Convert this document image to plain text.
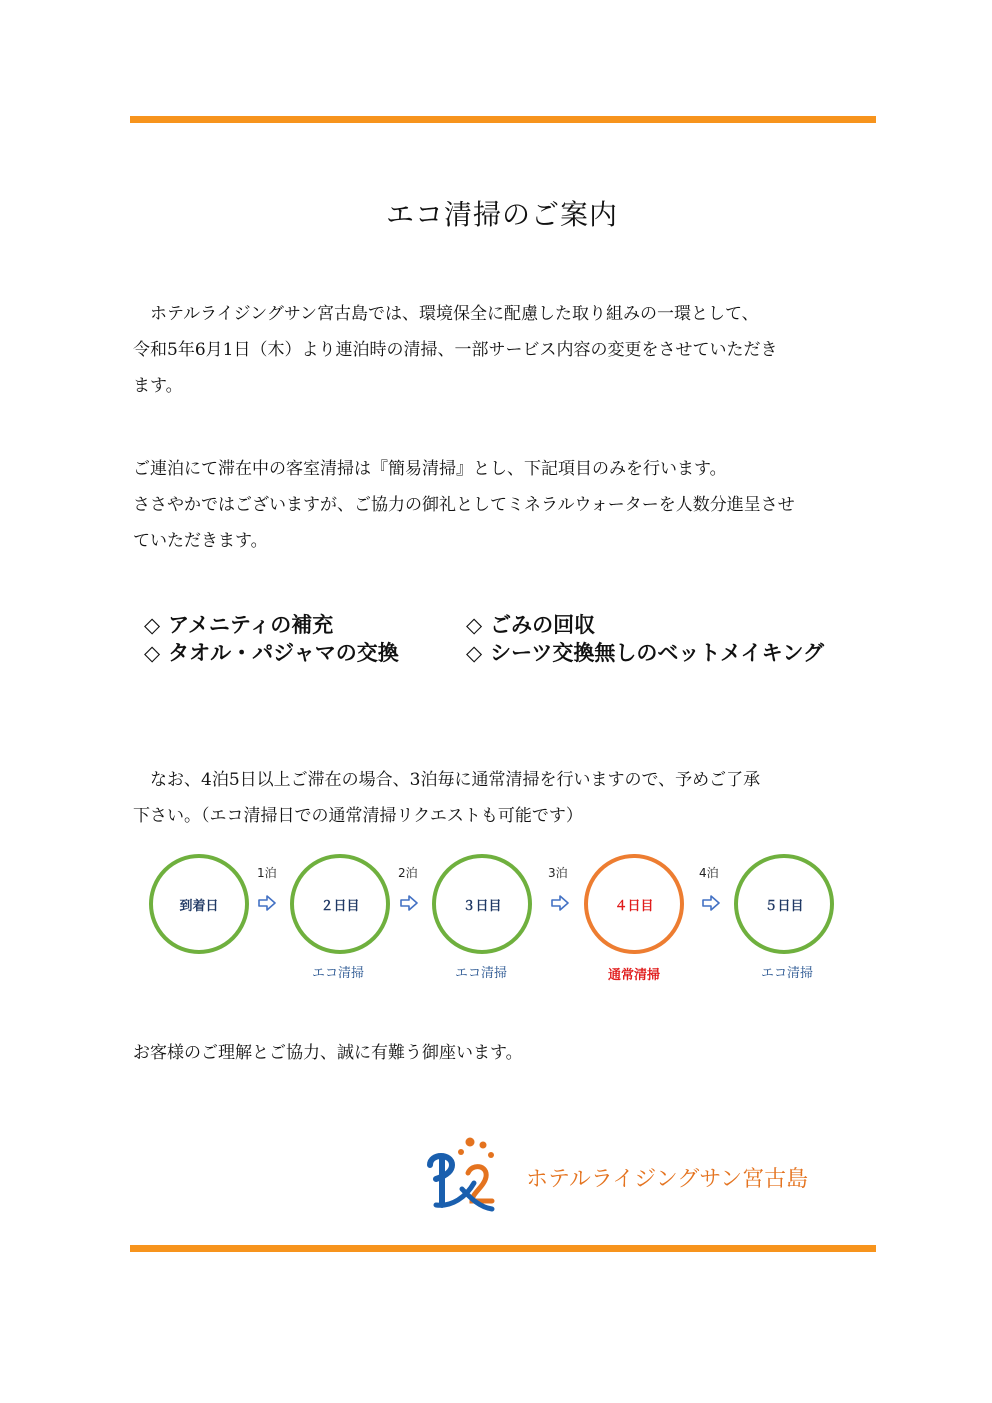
エコ清掃のご案内
　ホテルライジングサン宮古島では、環境保全に配慮した取り組みの一環として、
令和5年6月1日（木）より連泊時の清掃、一部サービス内容の変更をさせていただき
ます。
ご連泊にて滞在中の客室清掃は『簡易清掃』とし、下記項目のみを行います。
ささやかではございますが、ご協力の御礼としてミネラルウォーターを人数分進呈させ
ていただきます。
◇ アメニティの補充
◇ タオル・パジャマの交換
◇ ごみの回収
◇ シーツ交換無しのベットメイキング
　なお、4泊5日以上ご滞在の場合、3泊毎に通常清掃を行いますので、予めご了承
下さい。（エコ清掃日での通常清掃リクエストも可能です）
到着日	２日目	３日目	４日目	５日目
1泊	2泊	3泊	4泊
エコ清掃	エコ清掃	通常清掃	エコ清掃
お客様のご理解とご協力、誠に有難う御座います。
ホテルライジングサン宮古島
